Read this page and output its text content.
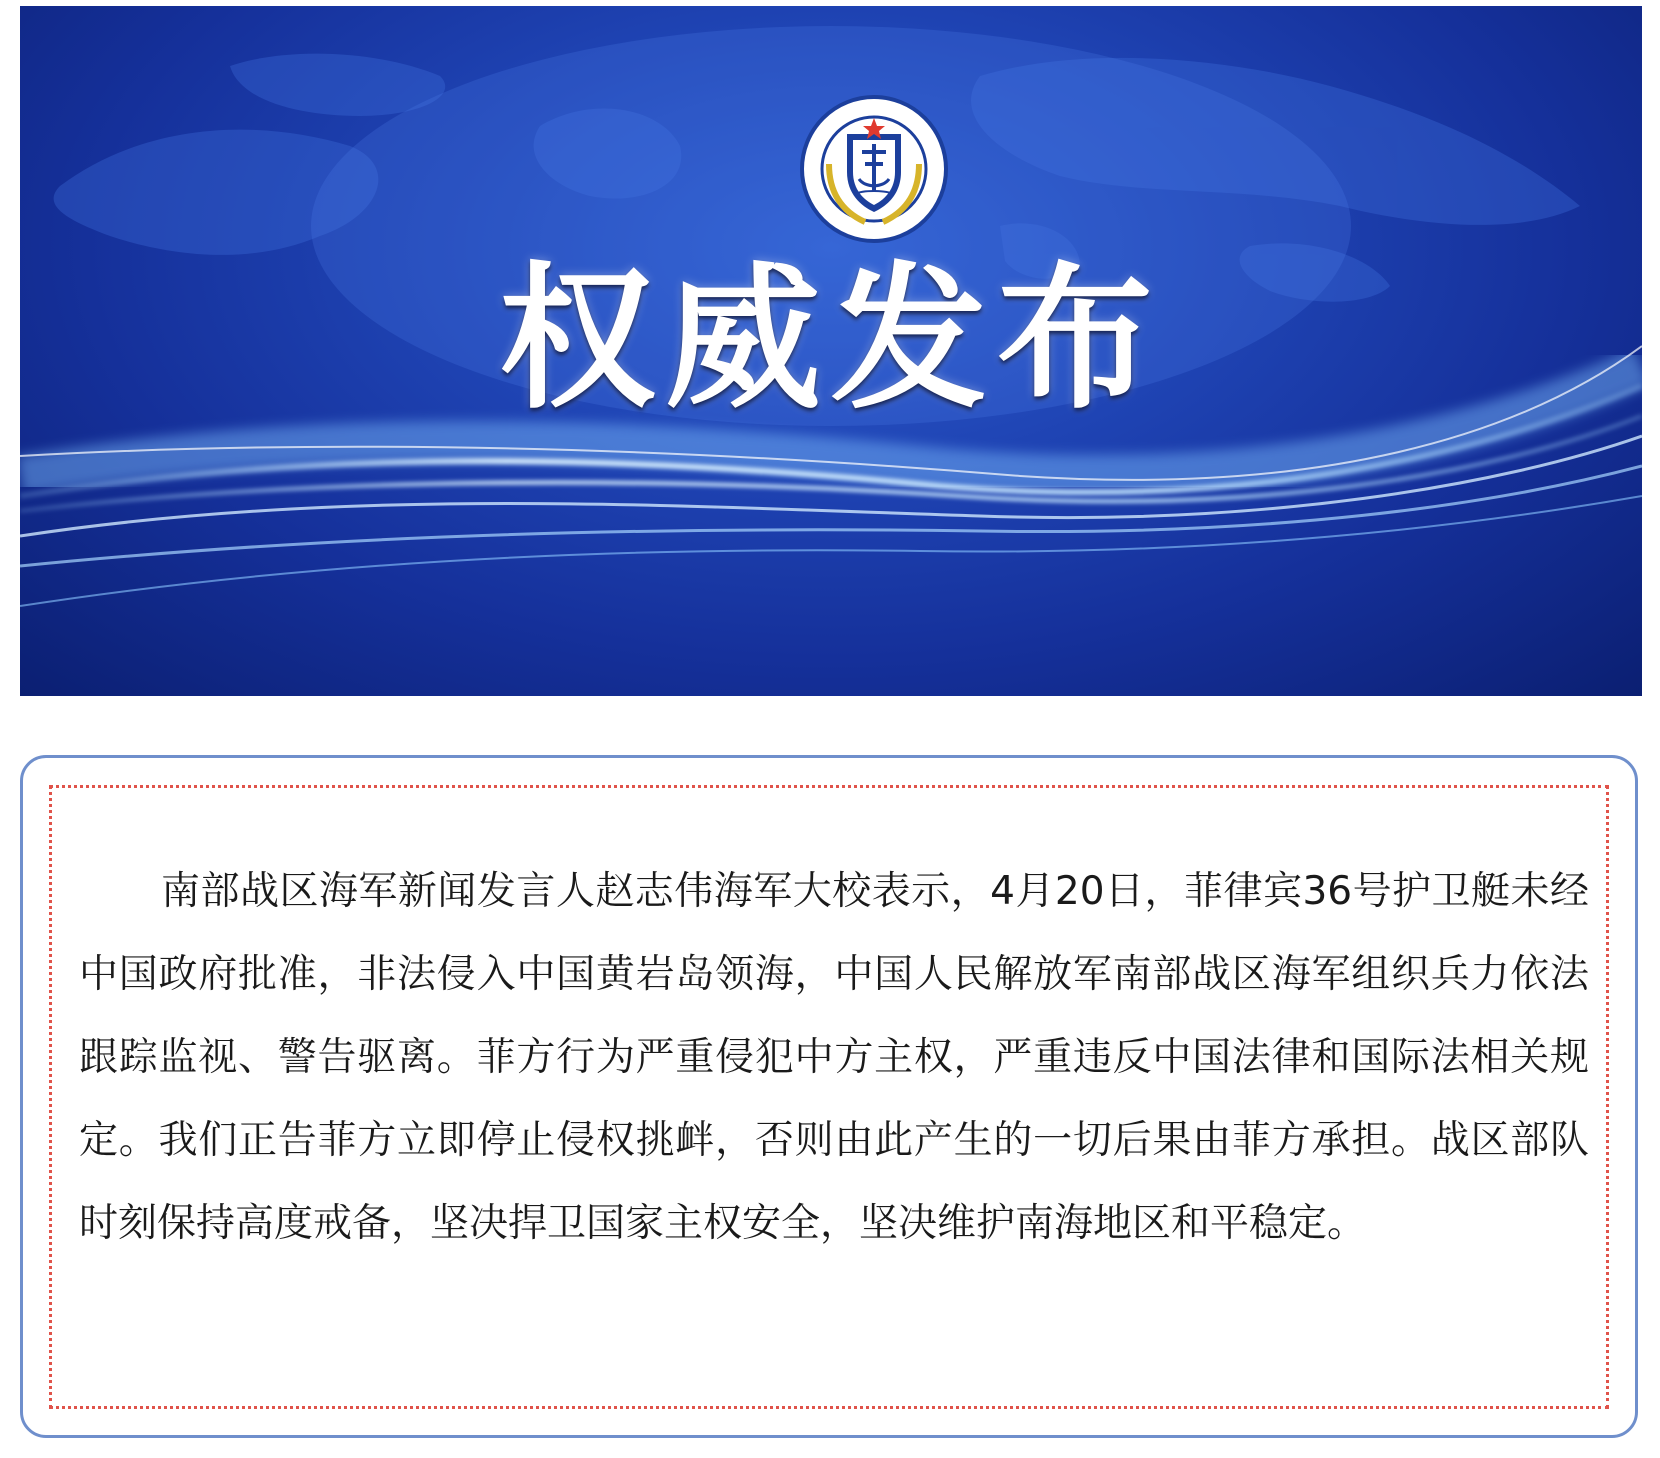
权威发布

南部战区海军新闻发言人赵志伟海军大校表示，4月20日，菲律宾36号护卫艇未经中国政府批准，非法侵入中国黄岩岛领海，中国人民解放军南部战区海军组织兵力依法跟踪监视、警告驱离。菲方行为严重侵犯中方主权，严重违反中国法律和国际法相关规定。我们正告菲方立即停止侵权挑衅，否则由此产生的一切后果由菲方承担。战区部队时刻保持高度戒备，坚决捍卫国家主权安全，坚决维护南海地区和平稳定。
